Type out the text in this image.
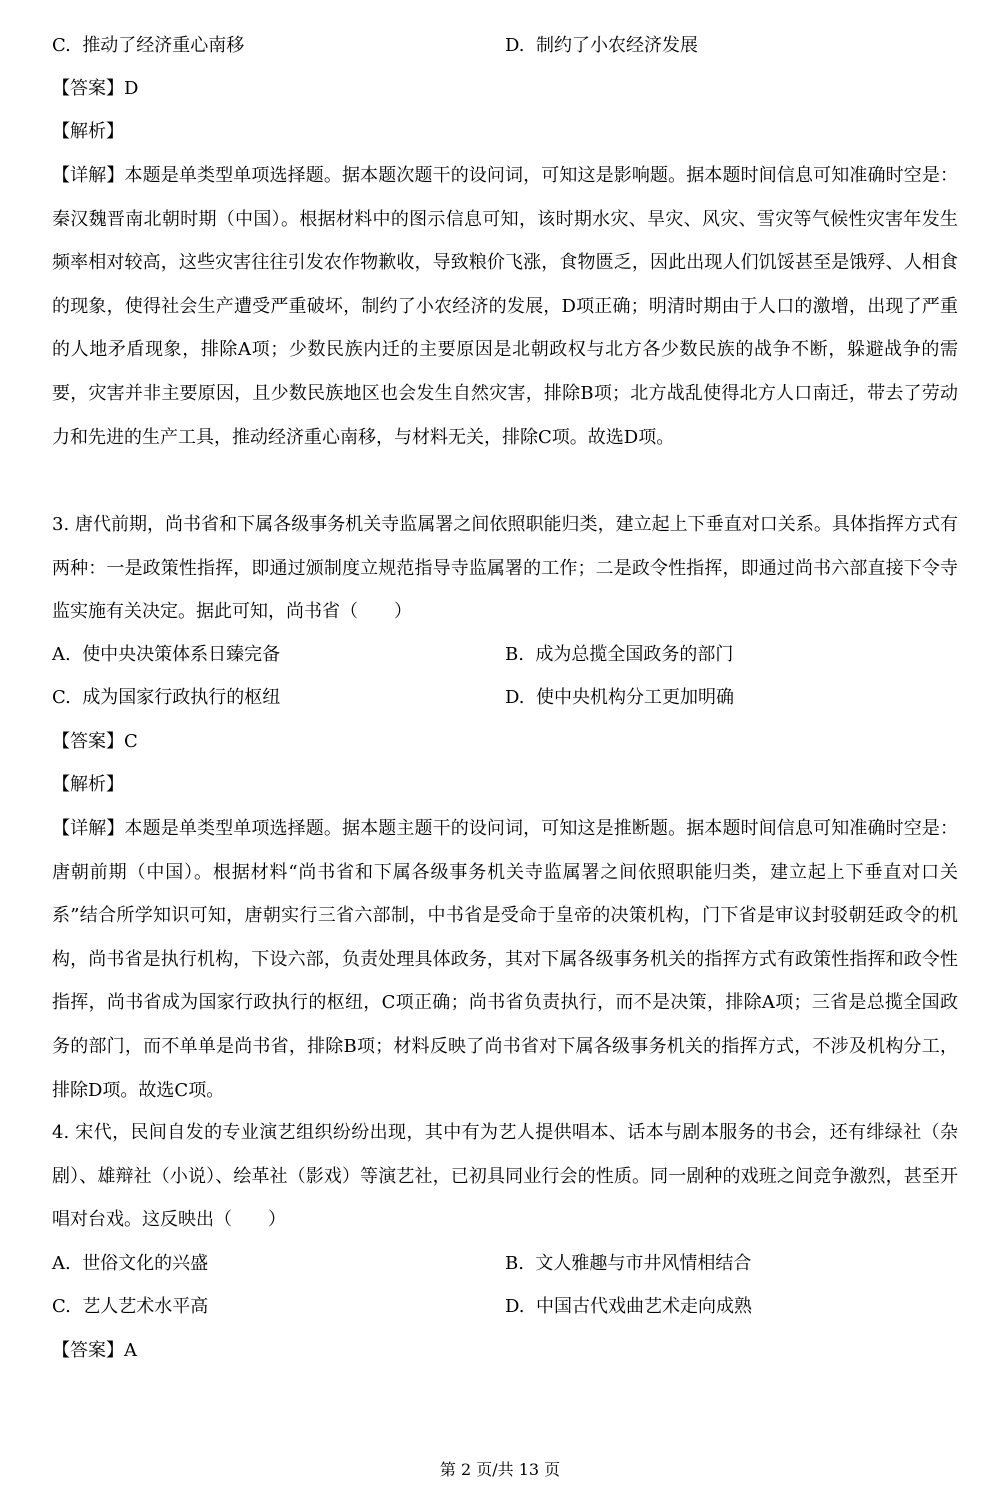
C. 推动了经济重心南移	D. 制约了小农经济发展
【答案】D
【解析】
【详解】本题是单类型单项选择题。据本题次题干的设问词，可知这是影响题。据本题时间信息可知准确时空是：秦汉魏晋南北朝时期（中国）。根据材料中的图示信息可知，该时期水灾、旱灾、风灾、雪灾等气候性灾害年发生频率相对较高，这些灾害往往引发农作物歉收，导致粮价飞涨，食物匮乏，因此出现人们饥馁甚至是饿殍、人相食的现象，使得社会生产遭受严重破坏，制约了小农经济的发展，D项正确；明清时期由于人口的激增，出现了严重的人地矛盾现象，排除A项；少数民族内迁的主要原因是北朝政权与北方各少数民族的战争不断，躲避战争的需要，灾害并非主要原因，且少数民族地区也会发生自然灾害，排除B项；北方战乱使得北方人口南迁，带去了劳动力和先进的生产工具，推动经济重心南移，与材料无关，排除C项。故选D项。
3. 唐代前期，尚书省和下属各级事务机关寺监属署之间依照职能归类，建立起上下垂直对口关系。具体指挥方式有两种：一是政策性指挥，即通过颁制度立规范指导寺监属署的工作；二是政令性指挥，即通过尚书六部直接下令寺监实施有关决定。据此可知，尚书省（　　）
A. 使中央决策体系日臻完备	B. 成为总揽全国政务的部门
C. 成为国家行政执行的枢纽	D. 使中央机构分工更加明确
【答案】C
【解析】
【详解】本题是单类型单项选择题。据本题主题干的设问词，可知这是推断题。据本题时间信息可知准确时空是：唐朝前期（中国）。根据材料“尚书省和下属各级事务机关寺监属署之间依照职能归类，建立起上下垂直对口关系”结合所学知识可知，唐朝实行三省六部制，中书省是受命于皇帝的决策机构，门下省是审议封驳朝廷政令的机构，尚书省是执行机构，下设六部，负责处理具体政务，其对下属各级事务机关的指挥方式有政策性指挥和政令性指挥，尚书省成为国家行政执行的枢纽，C项正确；尚书省负责执行，而不是决策，排除A项；三省是总揽全国政务的部门，而不单单是尚书省，排除B项；材料反映了尚书省对下属各级事务机关的指挥方式，不涉及机构分工，排除D项。故选C项。
4. 宋代，民间自发的专业演艺组织纷纷出现，其中有为艺人提供唱本、话本与剧本服务的书会，还有绯绿社（杂剧）、雄辩社（小说）、绘革社（影戏）等演艺社，已初具同业行会的性质。同一剧种的戏班之间竞争激烈，甚至开唱对台戏。这反映出（　　）
A. 世俗文化的兴盛	B. 文人雅趣与市井风情相结合
C. 艺人艺术水平高	D. 中国古代戏曲艺术走向成熟
【答案】A
第 2 页/共 13 页
